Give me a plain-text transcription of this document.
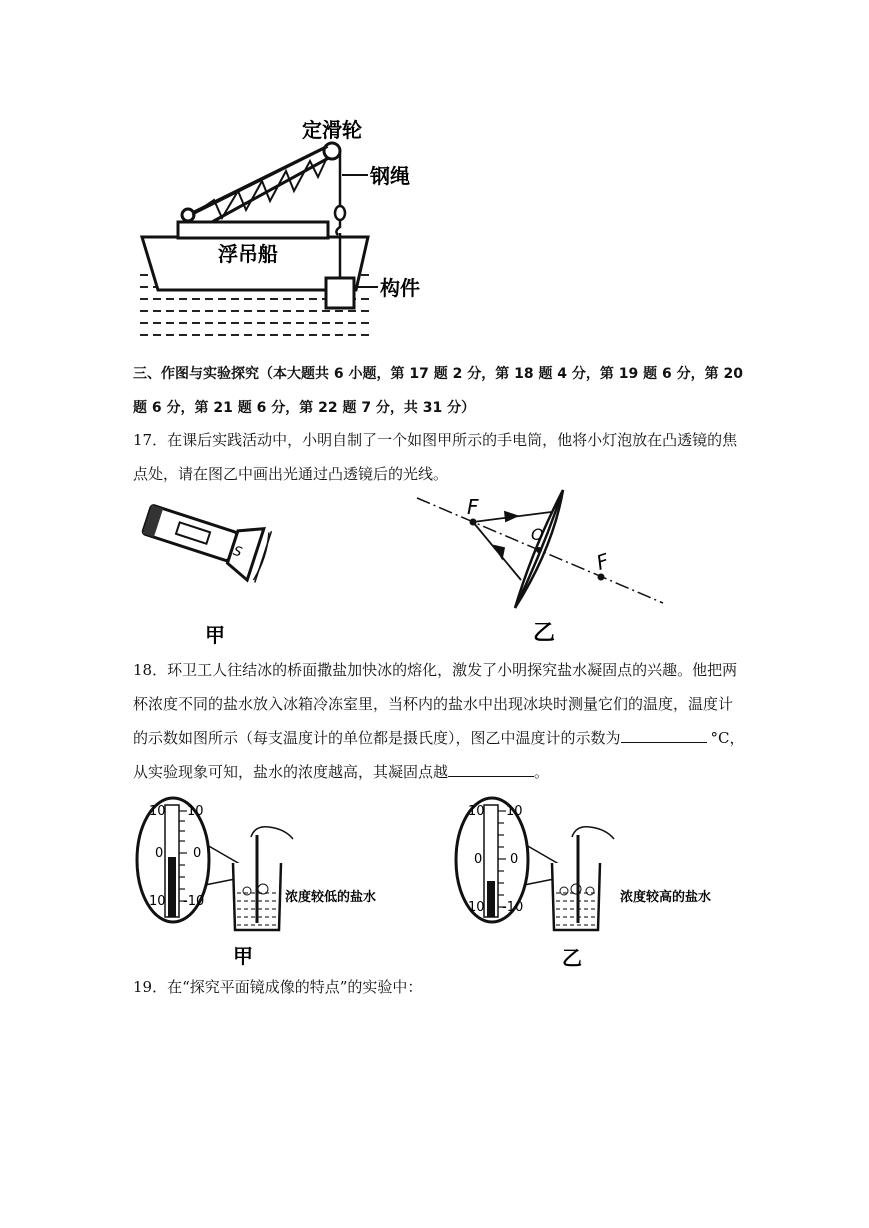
定滑轮
钢绳
浮吊船
构件
三、作图与实验探究（本大题共 6 小题，第 17 题 2 分，第 18 题 4 分，第 19 题 6 分，第 20
题 6 分，第 21 题 6 分，第 22 题 7 分，共 31 分）
17．在课后实践活动中，小明自制了一个如图甲所示的手电筒，他将小灯泡放在凸透镜的焦
点处，请在图乙中画出光通过凸透镜后的光线。
S
甲
F
F
O
乙
18．环卫工人往结冰的桥面撒盐加快冰的熔化，激发了小明探究盐水凝固点的兴趣。他把两
杯浓度不同的盐水放入冰箱冷冻室里，当杯内的盐水中出现冰块时测量它们的温度，温度计
的示数如图所示（每支温度计的单位都是摄氏度），图乙中温度计的示数为	°C，
从实验现象可知，盐水的浓度越高，其凝固点越	。
10 10
0 0
10 -10	浓度较低的盐水
甲
10 10
0 0
10 -10
浓度较高的盐水
乙
19．在“探究平面镜成像的特点”的实验中：
